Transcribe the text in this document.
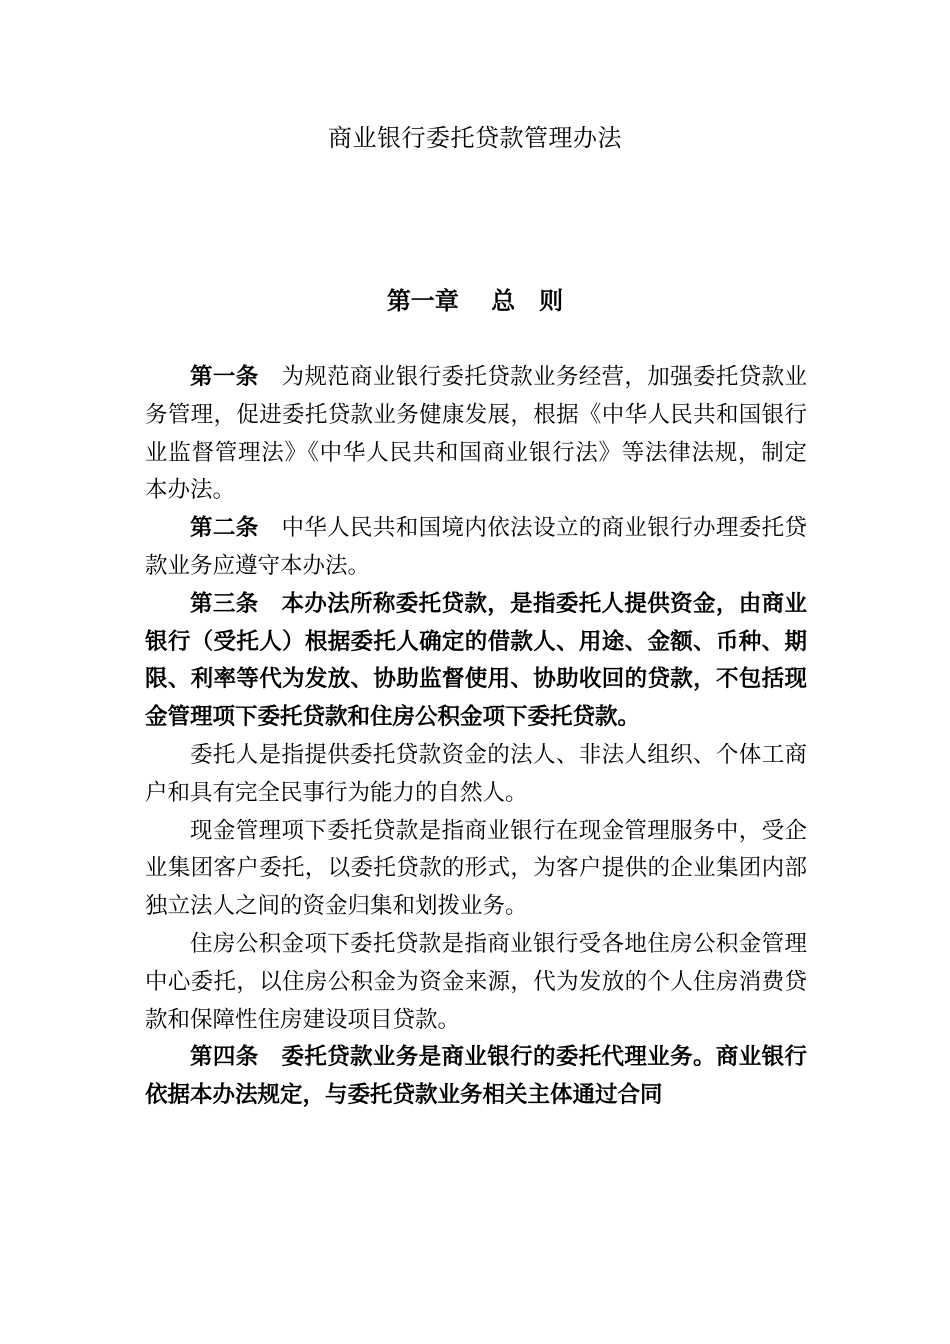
商业银行委托贷款管理办法
第一章　 总　则

第一条　为规范商业银行委托贷款业务经营，加强委托贷款业务管理，促进委托贷款业务健康发展，根据《中华人民共和国银行业监督管理法》《中华人民共和国商业银行法》等法律法规，制定本办法。

第二条　中华人民共和国境内依法设立的商业银行办理委托贷款业务应遵守本办法。

第三条　本办法所称委托贷款，是指委托人提供资金，由商业银行（受托人）根据委托人确定的借款人、用途、金额、币种、期限、利率等代为发放、协助监督使用、协助收回的贷款，不包括现金管理项下委托贷款和住房公积金项下委托贷款。

委托人是指提供委托贷款资金的法人、非法人组织、个体工商户和具有完全民事行为能力的自然人。

现金管理项下委托贷款是指商业银行在现金管理服务中，受企业集团客户委托，以委托贷款的形式，为客户提供的企业集团内部独立法人之间的资金归集和划拨业务。

住房公积金项下委托贷款是指商业银行受各地住房公积金管理中心委托，以住房公积金为资金来源，代为发放的个人住房消费贷款和保障性住房建设项目贷款。

第四条　委托贷款业务是商业银行的委托代理业务。商业银行依据本办法规定，与委托贷款业务相关主体通过合同
